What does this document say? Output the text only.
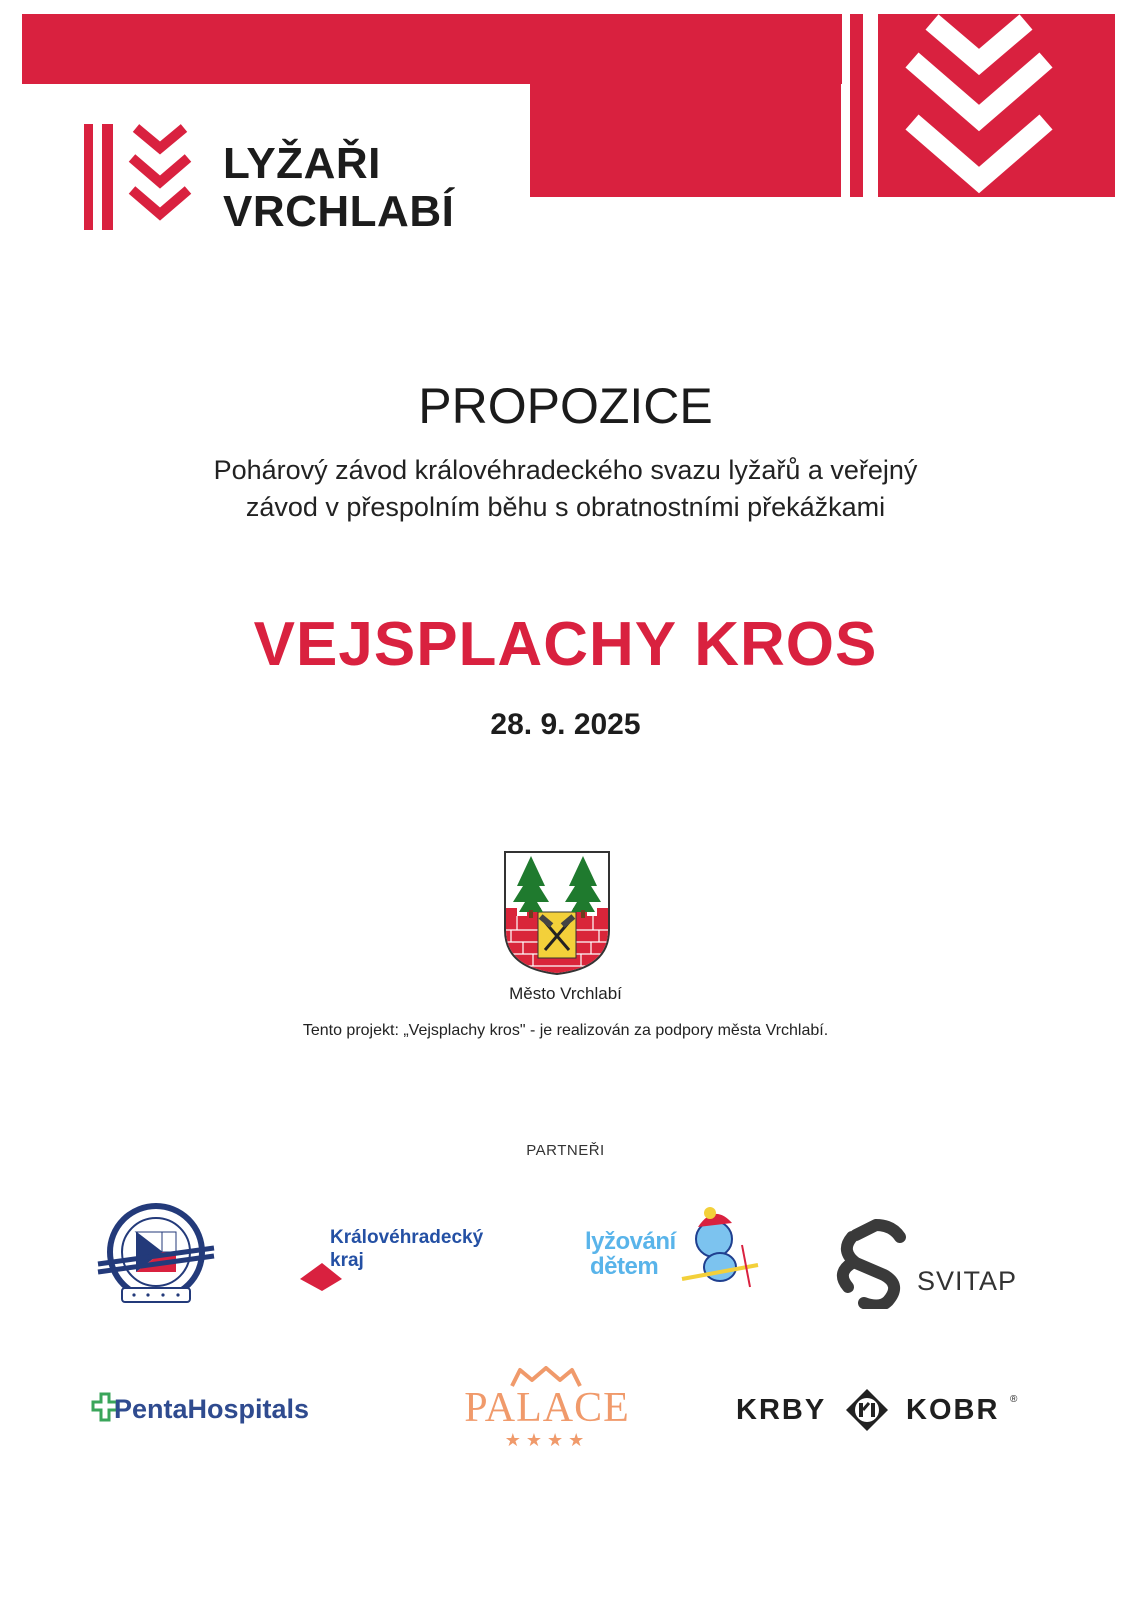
LYŽAŘI
VRCHLABÍ
PROPOZICE
Pohárový závod královéhradeckého svazu lyžařů a veřejný
závod v přespolním běhu s obratnostními překážkami
VEJSPLACHY KROS
28. 9. 2025
Město Vrchlabí
Tento projekt: „Vejsplachy kros" - je realizován za podpory města Vrchlabí.
PARTNEŘI
Královéhradecký
kraj
lyžování
dětem	SVITAP
PentaHospitals	PALACE
★★★★
KRBY	KOBR ®
